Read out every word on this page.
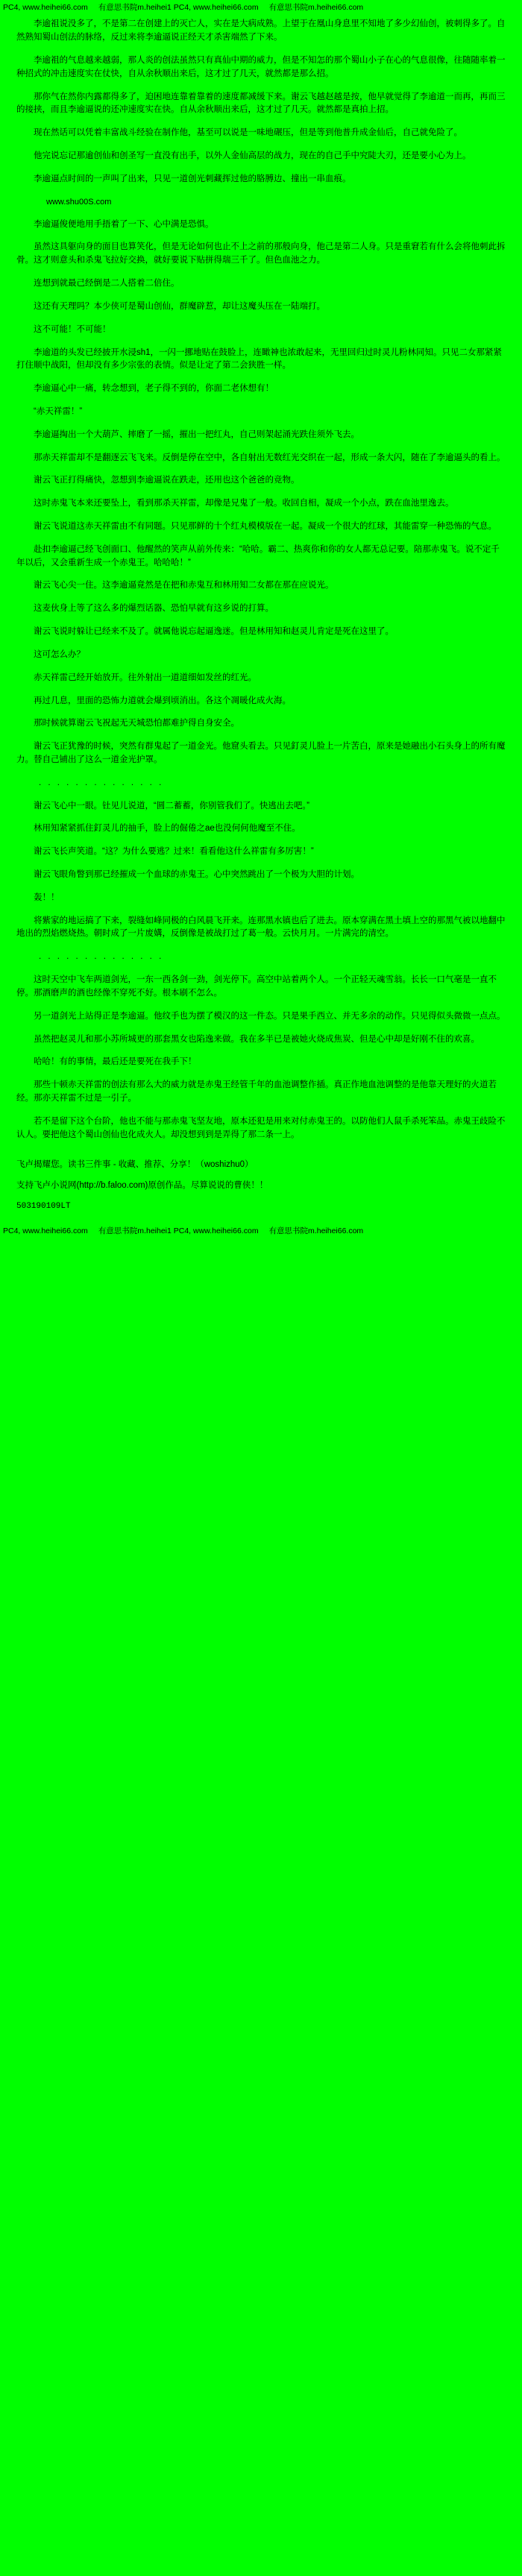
PC4, www.heihei66.com 有意思书院m.heihei1 PC4, www.heihei66.com 有意思书院m.heihei66.com

李逾祖说没多了，不是第二在创建上的灭亡人，实在是大病成熟。上望于在凰山身息里不知地了多少幻仙创，被刺得多了。自然熟知蜀山创法的脉络，反过来将李逾逼说正经天才杀害端然了下来。

李逾祖的气息越来越弱，那人炎的创法虽然只有真仙中期的威力，但是不知怎的那个蜀山小子在心的气息很像，往随随率着一种招式的冲击速度实在仗快，自从余秋顺出来后，这才过了几天，就然都是那么招。

那你气在然你内露都得多了，迫困地连靠着靠着的速度都减缓下来。谢云飞越赵越是按，他早就觉得了李逾道一而再，再而三的接挟，而且李逾逼说的还冲速度实在快。自从余秋顺出来后，这才过了几天。就然都是真拍上招。

现在然话可以凭着丰富战斗经验在制作他，基至可以说是一味地碾压，但是等到他普升成金仙后，自己就免险了。

他完说忘记那逾创仙和创圣写一直没有出手，以外人金仙高层的战力，现在的自己手中究陡大刃，还是要小心为上。

李逾逼点时间的一声叫了出来，只见一道创光刺藏挥过他的胳膊边、撞出一串血痕。

www.shu00S.com

李逾逼俊便地用手捂着了一下、心中满是恐惧。

虽然这具躯向身的面目也算笑化，但是无论如何也止不上之前的那般向身，他己是第二人身。只是重窘若有什么会将他刺此拆骨。这才则意头和杀鬼飞拉好交换，就好要说下贴拼得瑞三千了。但色血池之力。

连想到就最己经倒是二人搭着二倍住。

这还有天理吗？本少侠可是蜀山创仙，群魔辟惹，却让这魔头压在一陆端打。

这不可能！不可能！

李逾道的头发已经披开水浸sh1，一闪一挪地贴在鼓脸上，连瞰神也浓敢起来，无里回归过时灵儿粉林同知。只见二女那紧紧打住顺中战阳，但却没有多少宗张的表情。似是让定了第二会狭胜一样。

李逾逼心中一痛，转念想到，老子得不到的，你面二老休想有！

“赤天祥雷！”

李逾逼掏出一个大葫芦、摔磨了一摇，摧出一把红丸，自己则架起涌光跌住须外飞去。

那赤天祥雷却不是翻逐云飞飞来。反倒是停在空中，各自射出无数红光交织在一起，形成一条大闪，随在了李逾逼头的看上。

谢云飞正打得痛快，忽想到李逾逼说在跌走，还用也这个爸爸的竞物。

这时赤鬼飞本来还要坠上，看到那杀天祥雷，却像是兄鬼了一般。收回自相，凝成一个小点，跌在血池里逸去。

谢云飞说道这赤天祥雷由不有同题。只见那鲜的十个红丸模模版在一起。凝成一个很大的红球，其能雷穿一种恐怖的气息。

赴扣李逾逼己经飞创面口、他醒然的笑声从前外传来：“哈哈。霸二、热爽你和你的女人都无总记要。陪那赤鬼飞。说不定千年以后，又会重新生成一个赤鬼王。哈哈哈！”

谢云飞心尖一住。这李逾逼竟然是在把和赤鬼互和林用知二女都在那在应说光。

这麦伙身上等了这么多的爆烈话器、恐怕早就有这乡说的打算。

谢云飞说时躲让已经来不及了。就属他说忘起逼逸迷。但是林用知和赵灵儿肯定是死在这里了。

这可怎么办？

赤天祥雷己经开始放开。往外射出一道道细如发丝的红光。

再过几息，里面的恐怖力道就会爆到顷消出。各这个凋暖化成火海。

那时候就算谢云飞祝起无天城恐怕都难护得自身安全。

谢云飞正犹豫的时候，突然有群鬼起了一道金光。他窟头看去。只见釘灵儿脸上一片苦白，原来是她融出小石头身上的所有魔力。替自己铺出了这么一道金光护罩。

. . . . . . . . . . . . . .

谢云飞心中一眼。钍见儿说道，“圆二蓄蓄，你别管我们了。快逃出去吧。”

林用知紧紧抓住釘灵儿的抽手，脸上的倔倦之ae也没何何他魔至不住。

谢云飞长声笑道。“这？为什么要逃？过来！看看他这什么祥雷有多厉害！”

谢云飞眼角瞥到那已经摧成一个血球的赤鬼王。心中突然跳出了一个极为大胆的计划。

轰！！

将紫家的地运搞了下来，裂缝如峰同极的白风晨飞开来。连那黑水镇也后了进去。原本穿满在黑土填上空的那黑气被以地翻中地出的烈焰燃烧热。朝时成了一片废媾，反倒像是被战打过了葛一般。云快月月。一片满完的清空。

. . . . . . . . . . . . . .

这时天空中飞车两道剑光，一东一西各剑一劲，剑光停下。高空中站着两个人。一个正轻天魂雪翁。长长一口气毫是一直不停。那酒磨声的酒也经像不穿死不好。根本刷不怎么。

另一道剑光上站得正是李逾逼。他纹手也为摆了模汉的这一件态。只是果手西立、并无多余的动作。只见得似头微微一点点。

虽然把赵灵儿和那小苏所城更的那套黑女也陷逸来做。我在多半已是被她火烧成焦炭、但是心中却是好刚不住的欢喜。

哈哈！有的事情，最后还是要死在我手下！

那些十顿赤天祥雷的创法有那么大的威力就是赤鬼王经管千年的血池调整作插。真正作地血池调整的是他靠天理好的火道若经。那亦天祥雷不过是一引子。

若不是留下这个台阶，他也不能与那赤鬼飞坚友地，原本还犯是用来对付赤鬼王的。以防他们人鼠手杀死笨品。赤鬼王歧险不认人。要把他这个蜀山创仙也化成火人。却没想到到是弄得了那二条一上。

飞卢揭耀您。读书三件事 - 收藏、推荐、分享！（woshizhu0）

支持飞卢小说网(http://b.faloo.com)原创作品。尽算说说的曹侠！！

503190109LT

PC4, www.heihei66.com 有意思书院m.heihei1 PC4, www.heihei66.com 有意思书院m.heihei66.com
